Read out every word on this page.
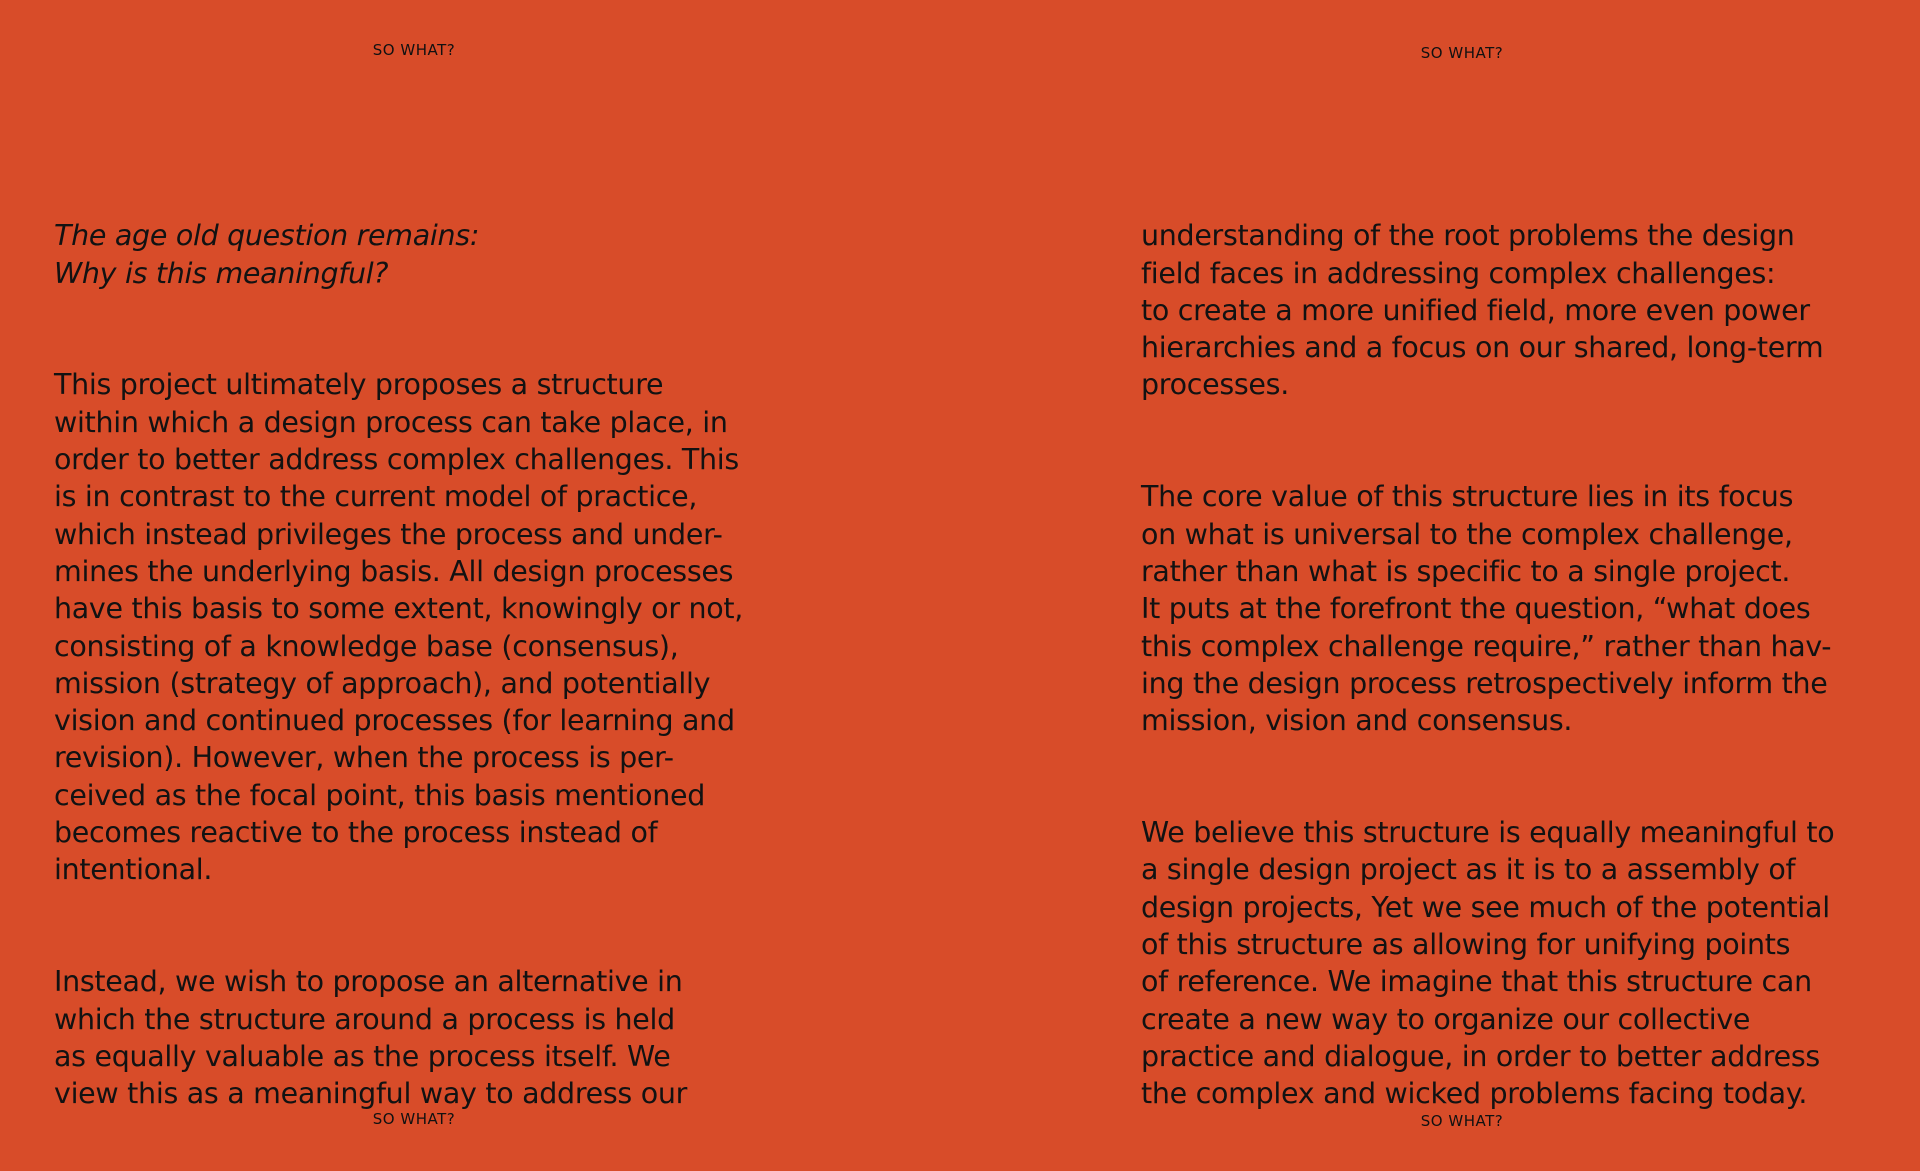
SO WHAT?

The age old question remains:
Why is this meaningful?

This project ultimately proposes a structure
within which a design process can take place, in
order to better address complex challenges. This
is in contrast to the current model of practice,
which instead privileges the process and under-
mines the underlying basis. All design processes
have this basis to some extent, knowingly or not,
consisting of a knowledge base (consensus),
mission (strategy of approach), and potentially
vision and continued processes (for learning and
revision). However, when the process is per-
ceived as the focal point, this basis mentioned
becomes reactive to the process instead of
intentional.

Instead, we wish to propose an alternative in
which the structure around a process is held
as equally valuable as the process itself. We
view this as a meaningful way to address our

SO WHAT?
SO WHAT?

understanding of the root problems the design
field faces in addressing complex challenges:
to create a more unified field, more even power
hierarchies and a focus on our shared, long-term
processes.

The core value of this structure lies in its focus
on what is universal to the complex challenge,
rather than what is specific to a single project.
It puts at the forefront the question, “what does
this complex challenge require,” rather than hav-
ing the design process retrospectively inform the
mission, vision and consensus.

We believe this structure is equally meaningful to
a single design project as it is to a assembly of
design projects, Yet we see much of the potential
of this structure as allowing for unifying points
of reference. We imagine that this structure can
create a new way to organize our collective
practice and dialogue, in order to better address
the complex and wicked problems facing today.

SO WHAT?
